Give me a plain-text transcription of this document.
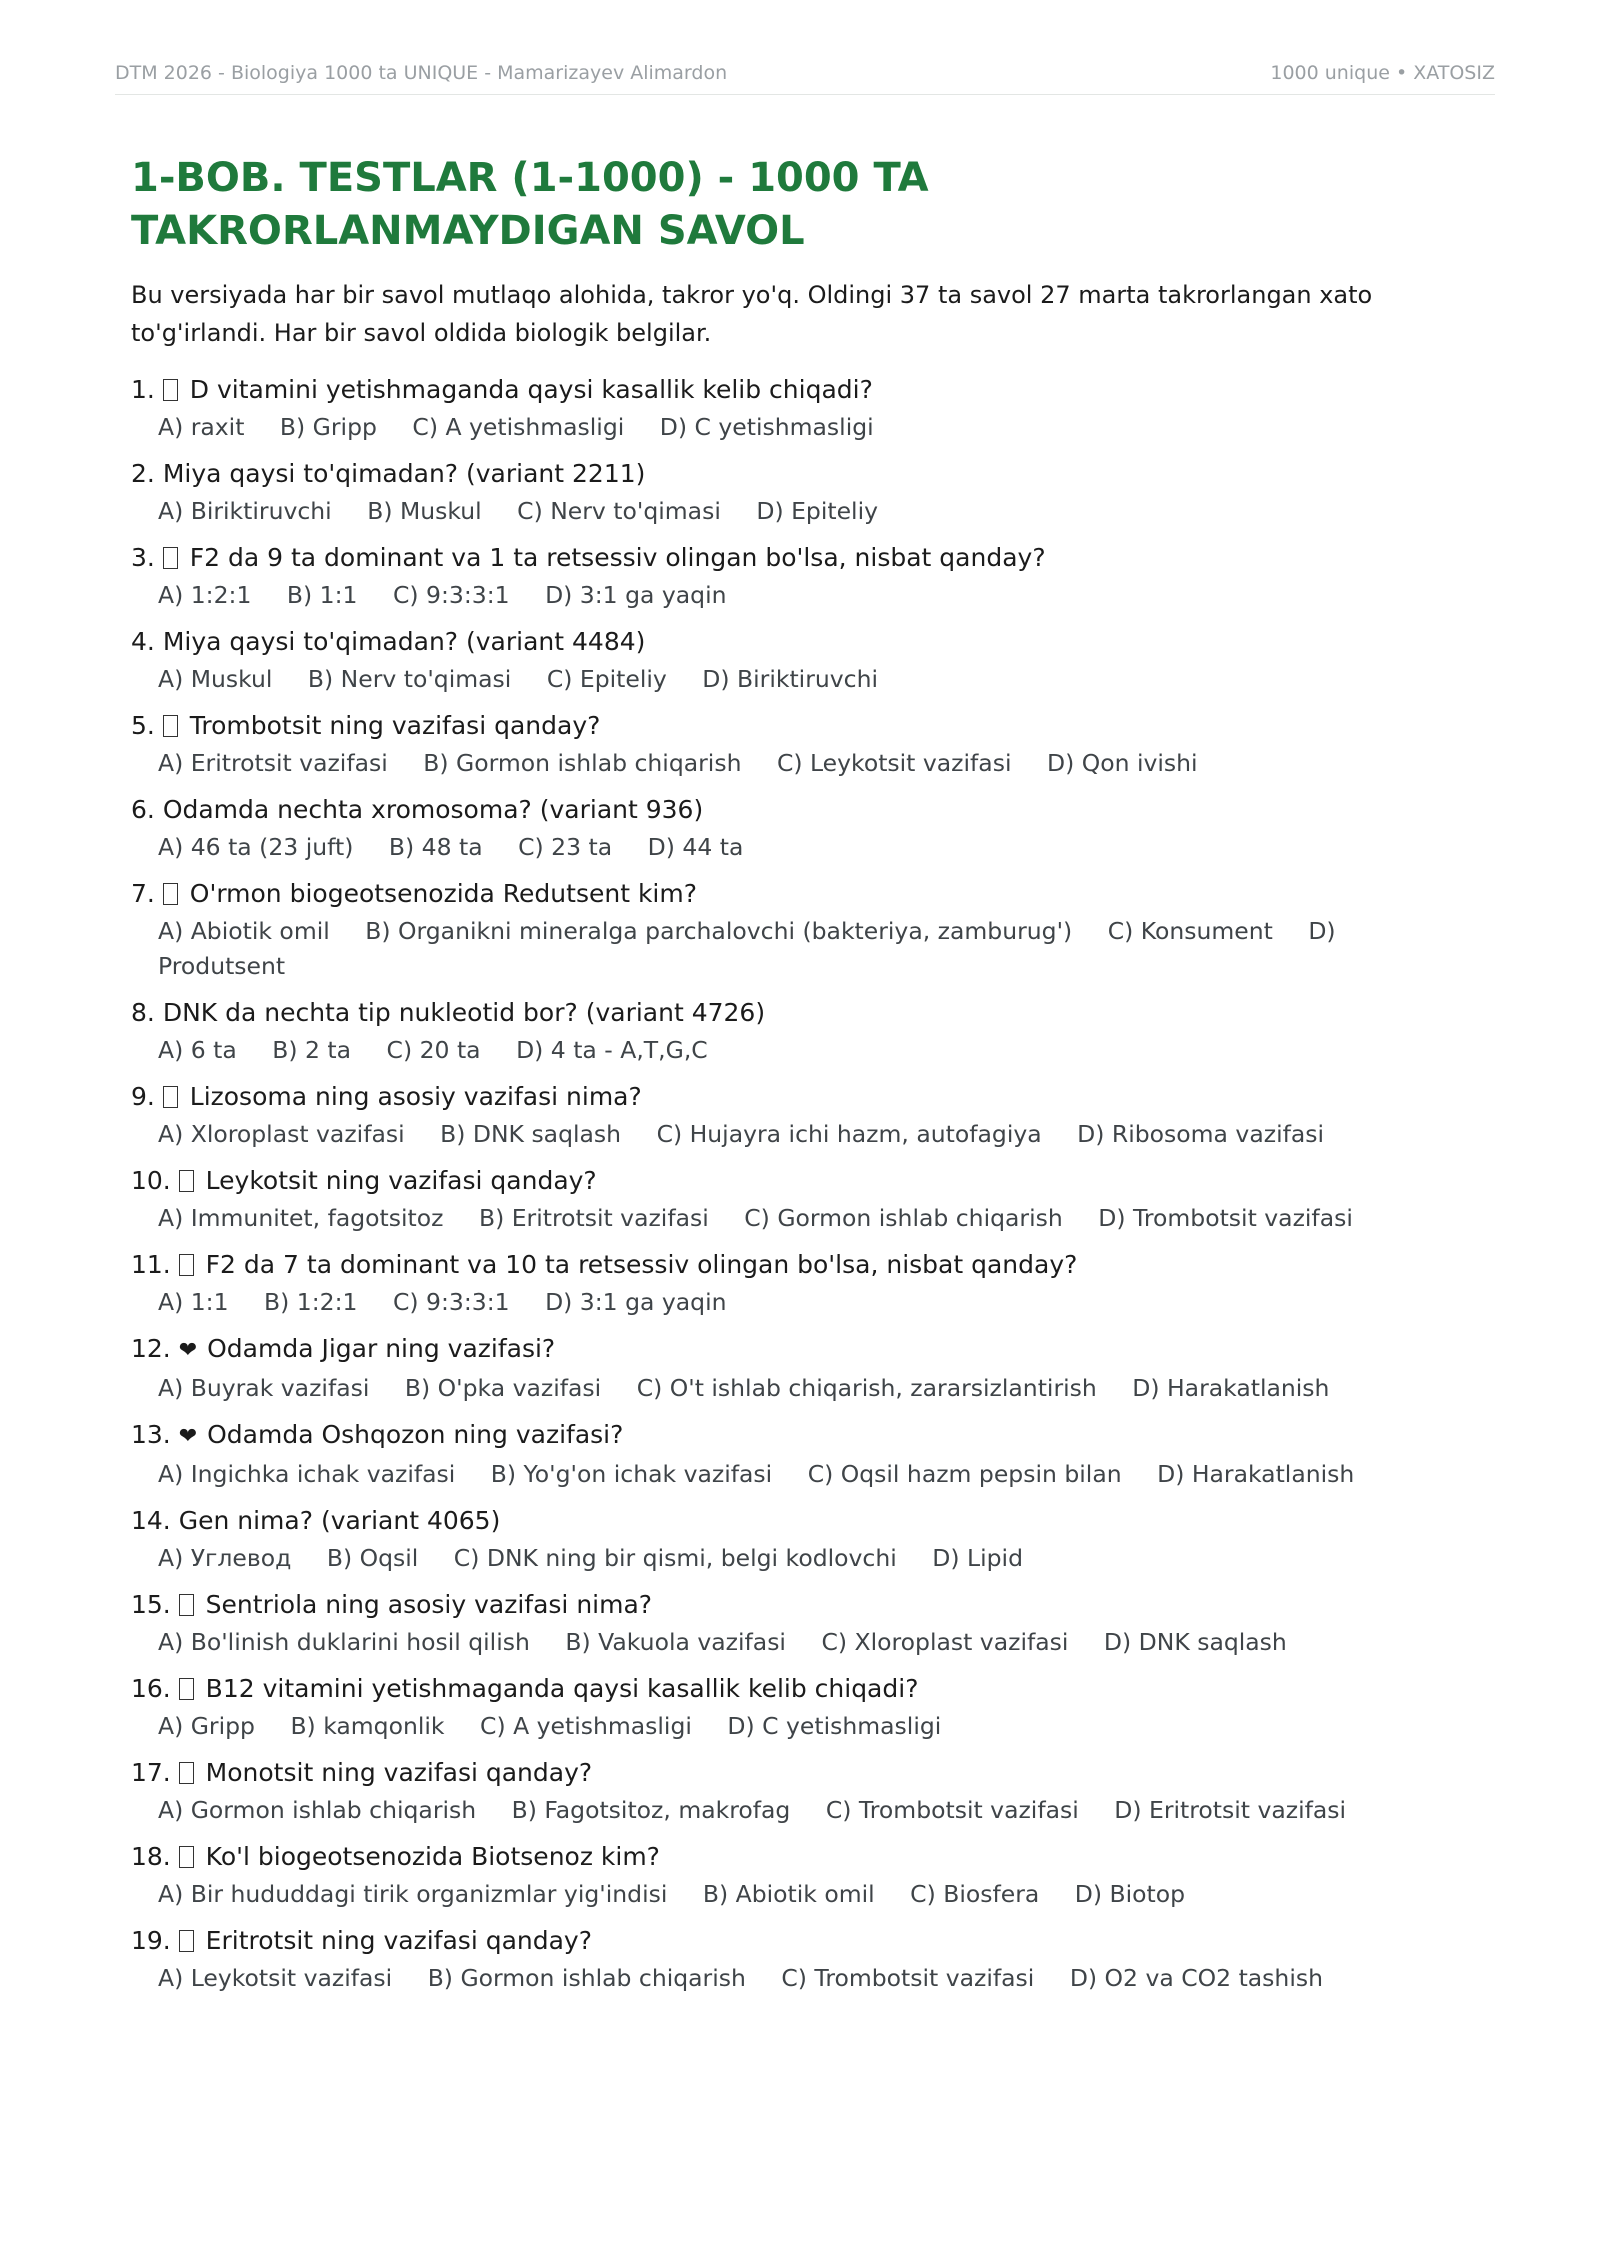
DTM 2026 - Biologiya 1000 ta UNIQUE - Mamarizayev Alimardon	1000 unique • XATOSIZ
1-BOB. TESTLAR (1-1000) - 1000 TA TAKRORLANMAYDIGAN SAVOL

Bu versiyada har bir savol mutlaqo alohida, takror yo'q. Oldingi 37 ta savol 27 marta takrorlangan xato to'g'irlandi. Har bir savol oldida biologik belgilar.

1. D vitamini yetishmaganda qaysi kasallik kelib chiqadi?
A) raxit B) Gripp C) A yetishmasligi D) C yetishmasligi
2. Miya qaysi to'qimadan? (variant 2211)
A) Biriktiruvchi B) Muskul C) Nerv to'qimasi D) Epiteliy
3. F2 da 9 ta dominant va 1 ta retsessiv olingan bo'lsa, nisbat qanday?
A) 1:2:1 B) 1:1 C) 9:3:3:1 D) 3:1 ga yaqin
4. Miya qaysi to'qimadan? (variant 4484)
A) Muskul B) Nerv to'qimasi C) Epiteliy D) Biriktiruvchi
5. Trombotsit ning vazifasi qanday?
A) Eritrotsit vazifasi B) Gormon ishlab chiqarish C) Leykotsit vazifasi D) Qon ivishi
6. Odamda nechta xromosoma? (variant 936)
A) 46 ta (23 juft) B) 48 ta C) 23 ta D) 44 ta
7. O'rmon biogeotsenozida Redutsent kim?
A) Abiotik omil B) Organikni mineralga parchalovchi (bakteriya, zamburug') C) Konsument D) Produtsent
8. DNK da nechta tip nukleotid bor? (variant 4726)
A) 6 ta B) 2 ta C) 20 ta D) 4 ta - A,T,G,C
9. Lizosoma ning asosiy vazifasi nima?
A) Xloroplast vazifasi B) DNK saqlash C) Hujayra ichi hazm, autofagiya D) Ribosoma vazifasi
10. Leykotsit ning vazifasi qanday?
A) Immunitet, fagotsitoz B) Eritrotsit vazifasi C) Gormon ishlab chiqarish D) Trombotsit vazifasi
11. F2 da 7 ta dominant va 10 ta retsessiv olingan bo'lsa, nisbat qanday?
A) 1:1 B) 1:2:1 C) 9:3:3:1 D) 3:1 ga yaqin
12. ❤ Odamda Jigar ning vazifasi?
A) Buyrak vazifasi B) O'pka vazifasi C) O't ishlab chiqarish, zararsizlantirish D) Harakatlanish
13. ❤ Odamda Oshqozon ning vazifasi?
A) Ingichka ichak vazifasi B) Yo'g'on ichak vazifasi C) Oqsil hazm pepsin bilan D) Harakatlanish
14. Gen nima? (variant 4065)
A) Углевод B) Oqsil C) DNK ning bir qismi, belgi kodlovchi D) Lipid
15. Sentriola ning asosiy vazifasi nima?
A) Bo'linish duklarini hosil qilish B) Vakuola vazifasi C) Xloroplast vazifasi D) DNK saqlash
16. B12 vitamini yetishmaganda qaysi kasallik kelib chiqadi?
A) Gripp B) kamqonlik C) A yetishmasligi D) C yetishmasligi
17. Monotsit ning vazifasi qanday?
A) Gormon ishlab chiqarish B) Fagotsitoz, makrofag C) Trombotsit vazifasi D) Eritrotsit vazifasi
18. Ko'l biogeotsenozida Biotsenoz kim?
A) Bir hududdagi tirik organizmlar yig'indisi B) Abiotik omil C) Biosfera D) Biotop
19. Eritrotsit ning vazifasi qanday?
A) Leykotsit vazifasi B) Gormon ishlab chiqarish C) Trombotsit vazifasi D) O2 va CO2 tashish
